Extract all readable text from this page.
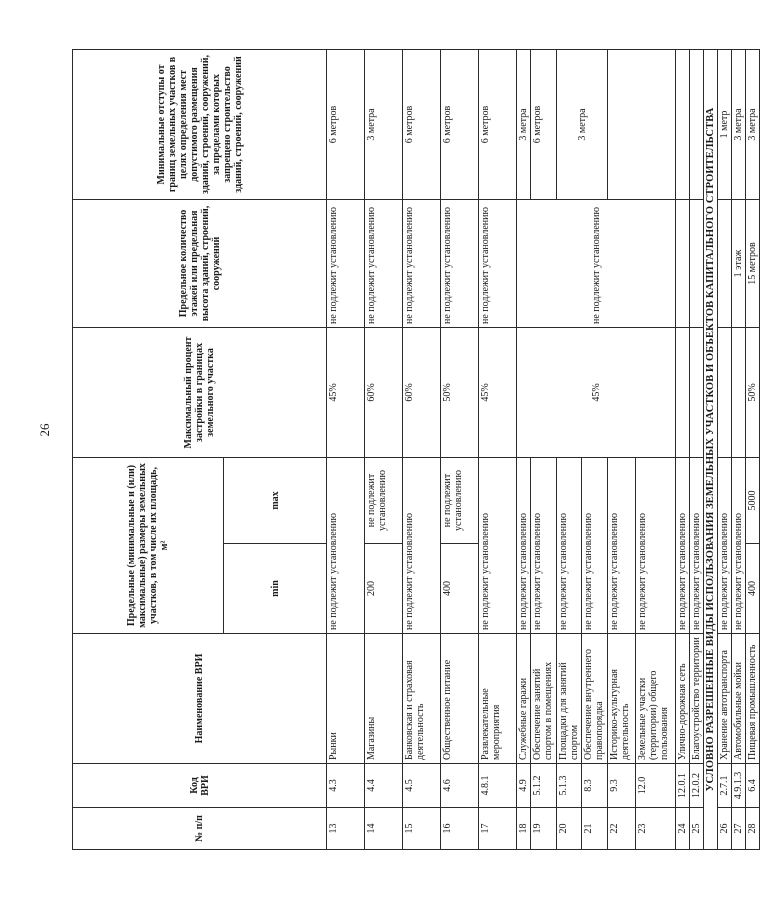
26
№ п/п	Код ВРИ	Наименование ВРИ	Предельные (минимальные и (или) максимальные) размеры земельных участков, в том числе их площадь, м²		Максимальный процент застройки в границах земельного участка	Предельное количество этажей или предельная высота зданий, строений, сооружений	Минимальные отступы от границ земельных участков в целях определения мест допустимого размещения зданий, строений, сооружений, за пределами которых запрещено строительство зданий, строений, сооружений
			min	max			
13	4.3	Рынки	не подлежит установлению		45%	не подлежит установлению	6 метров
14	4.4	Магазины	200	не подлежит установлению	60%	не подлежит установлению	3 метра
15	4.5	Банковская и страховая деятельность	не подлежит установлению		60%	не подлежит установлению	6 метров
16	4.6	Общественное питание	400	не подлежит установлению	50%	не подлежит установлению	6 метров
17	4.8.1	Развлекательные мероприятия	не подлежит установлению		45%	не подлежит установлению	6 метров
18	4.9	Служебные гаражи	не подлежит установлению		45%	не подлежит установлению	3 метра
19	5.1.2	Обеспечение занятий спортом в помещениях	не подлежит установлению				6 метров
20	5.1.3	Площадки для занятий спортом	не подлежит установлению				3 метра
21	8.3	Обеспечение внутреннего правопорядка	не подлежит установлению				
22	9.3	Историко-культурная деятельность	не подлежит установлению				
23	12.0	Земельные участки (территории) общего пользования	не подлежит установлению				
24	12.0.1	Улично-дорожная сеть	не подлежит установлению				
25	12.0.2	Благоустройство территории	не подлежит установлению				
УСЛОВНО РАЗРЕШЕННЫЕ ВИДЫ ИСПОЛЬЗОВАНИЯ ЗЕМЕЛЬНЫХ УЧАСТКОВ И ОБЪЕКТОВ КАПИТАЛЬНОГО СТРОИТЕЛЬСТВА							
26	2.7.1	Хранение автотранспорта	не подлежит установлению				1 метр
27	4.9.1.3	Автомобильные мойки	не подлежит установлению			1 этаж	3 метра
28	6.4	Пищевая промышленность	400	5000	50%	15 метров	3 метра
